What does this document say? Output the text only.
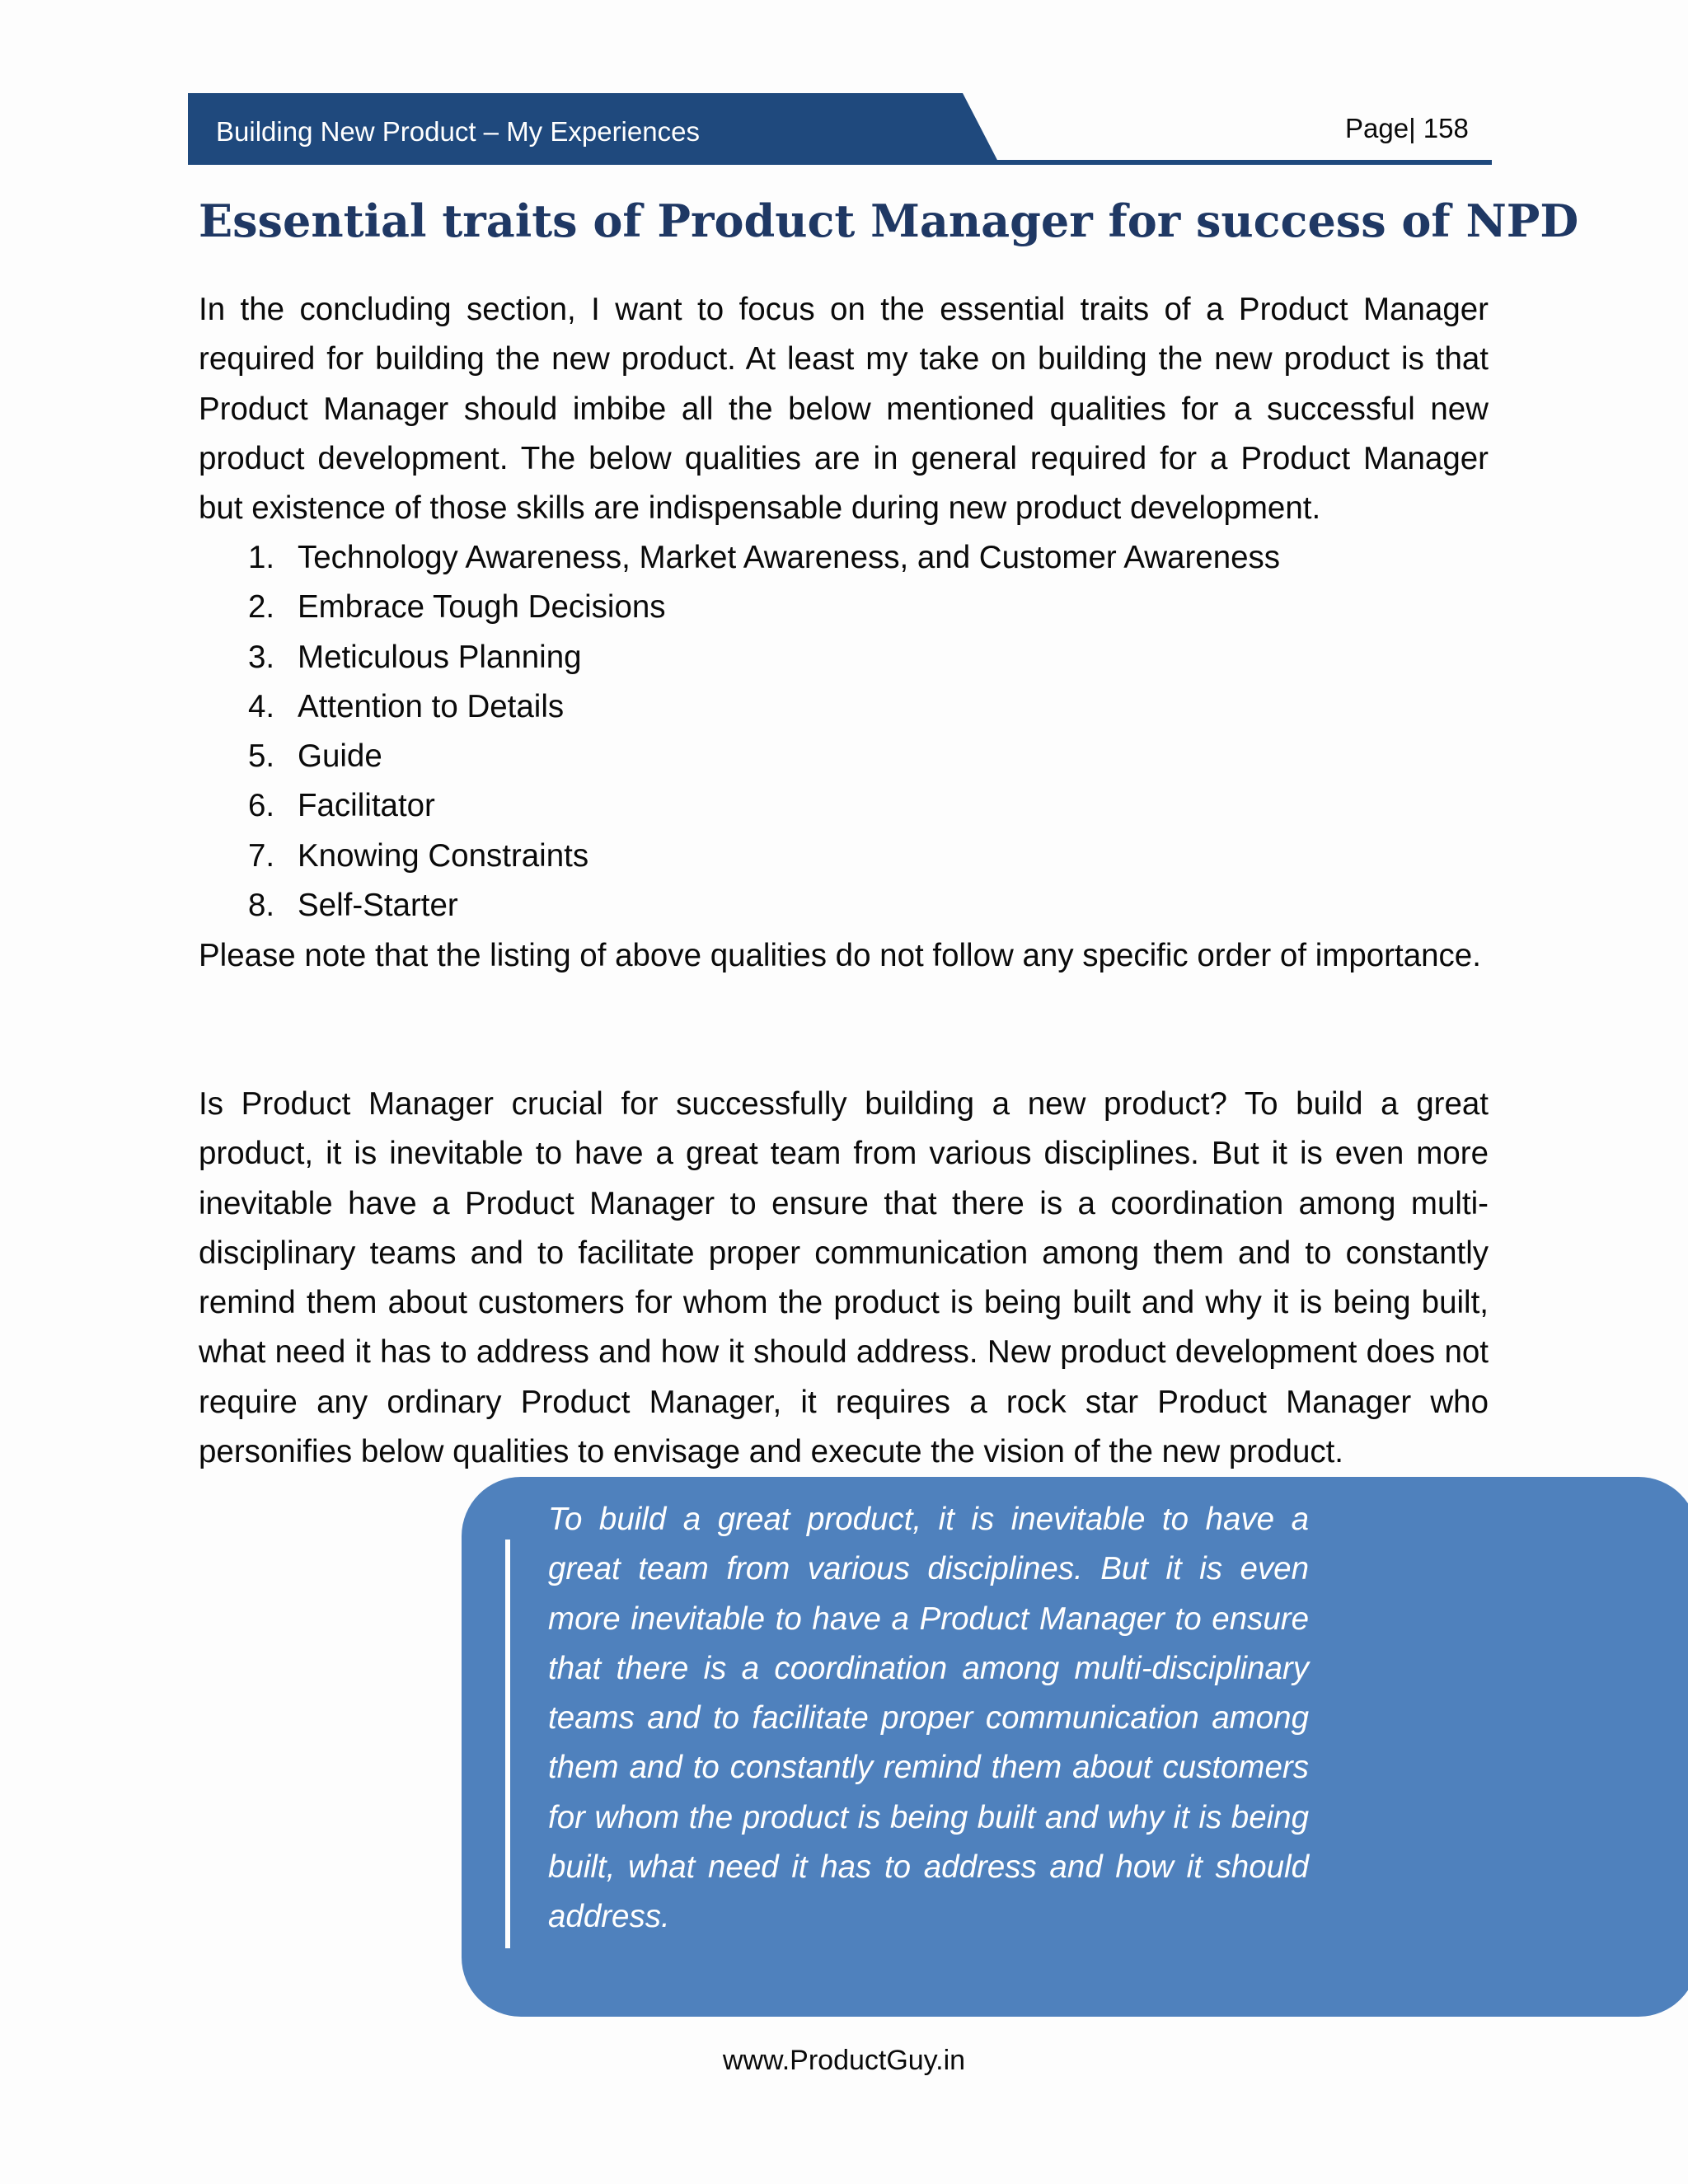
Building New Product – My Experiences	Page| 158
Essential traits of Product Manager for success of NPD

In the concluding section, I want to focus on the essential traits of a Product Manager required for building the new product. At least my take on building the new product is that Product Manager should imbibe all the below mentioned qualities for a successful new product development. The below qualities are in general required for a Product Manager but existence of those skills are indispensable during new product development.

1. Technology Awareness, Market Awareness, and Customer Awareness
2. Embrace Tough Decisions
3. Meticulous Planning
4. Attention to Details
5. Guide
6. Facilitator
7. Knowing Constraints
8. Self-Starter

Please note that the listing of above qualities do not follow any specific order of importance.

Is Product Manager crucial for successfully building a new product? To build a great product, it is inevitable to have a great team from various disciplines. But it is even more inevitable have a Product Manager to ensure that there is a coordination among multi-disciplinary teams and to facilitate proper communication among them and to constantly remind them about customers for whom the product is being built and why it is being built, what need it has to address and how it should address. New product development does not require any ordinary Product Manager, it requires a rock star Product Manager who personifies below qualities to envisage and execute the vision of the new product.

To build a great product, it is inevitable to have a great team from various disciplines. But it is even more inevitable to have a Product Manager to ensure that there is a coordination among multi-disciplinary teams and to facilitate proper communication among them and to constantly remind them about customers for whom the product is being built and why it is being built, what need it has to address and how it should address.

www.ProductGuy.in
